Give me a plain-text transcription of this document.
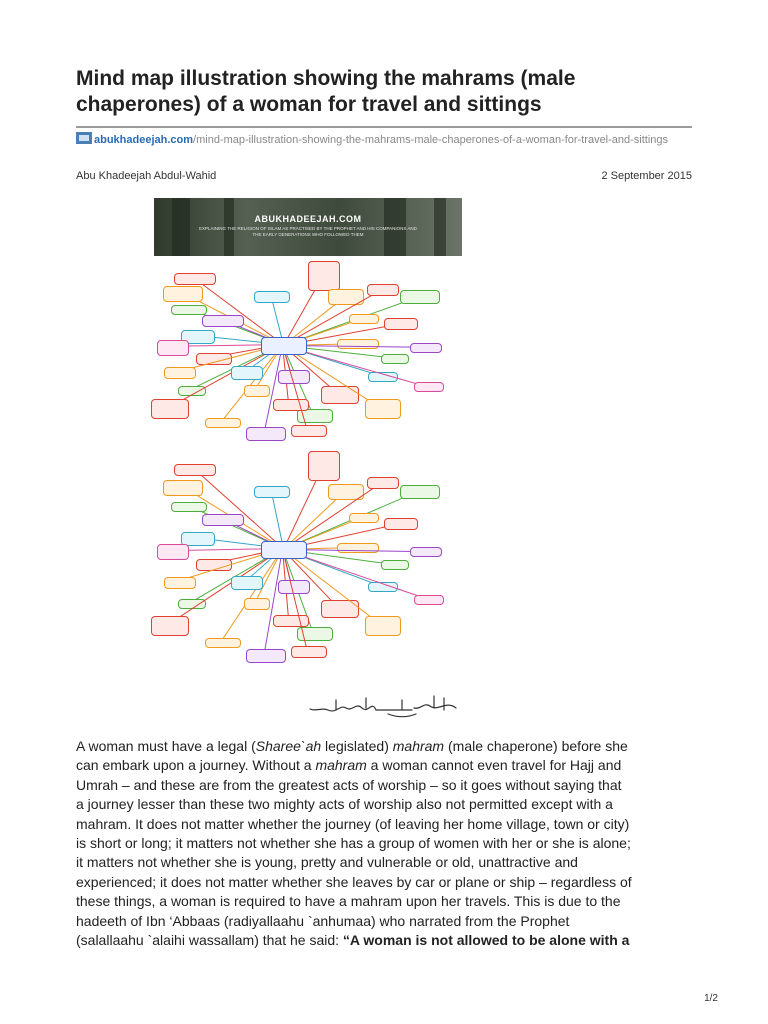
Mind map illustration showing the mahrams (male chaperones) of a woman for travel and sittings
abukhadeejah.com/mind-map-illustration-showing-the-mahrams-male-chaperones-of-a-woman-for-travel-and-sittings
Abu Khadeejah Abdul-Wahid	2 September 2015
A woman must have a legal (Sharee`ah legislated) mahram (male chaperone) before she
can embark upon a journey. Without a mahram a woman cannot even travel for Hajj and
Umrah – and these are from the greatest acts of worship – so it goes without saying that
a journey lesser than these two mighty acts of worship also not permitted except with a
mahram. It does not matter whether the journey (of leaving her home village, town or city)
is short or long; it matters not whether she has a group of women with her or she is alone;
it matters not whether she is young, pretty and vulnerable or old, unattractive and
experienced; it does not matter whether she leaves by car or plane or ship – regardless of
these things, a woman is required to have a mahram upon her travels. This is due to the
hadeeth of Ibn ‘Abbaas (radiyallaahu `anhumaa) who narrated from the Prophet
(salallaahu `alaihi wassallam) that he said: “A woman is not allowed to be alone with a
ABUKHADEEJAH.COM
EXPLAINING THE RELIGION OF ISLAM AS PRACTISED BY THE PROPHET AND HIS COMPANIONS AND THE EARLY GENERATIONS WHO FOLLOWED THEM
1/2
